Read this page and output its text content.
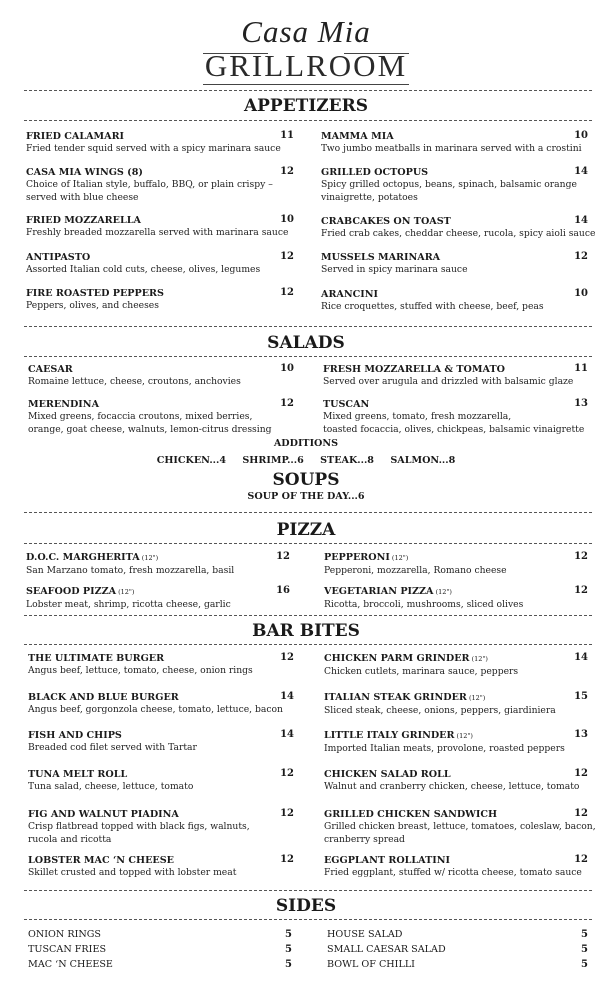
Casa Mia
GRILLROOM
APPETIZERS
FRIED CALAMARI
Fried tender squid served with a spicy marinara sauce
11
CASA MIA WINGS (8)
Choice of Italian style, buffalo, BBQ, or plain crispy –
served with blue cheese
12
FRIED MOZZARELLA
Freshly breaded mozzarella served with marinara sauce
10
ANTIPASTO
Assorted Italian cold cuts, cheese, olives, legumes
12
FIRE ROASTED PEPPERS
Peppers, olives, and cheeses
12
MAMMA MIA
Two jumbo meatballs in marinara served with a crostini
10
GRILLED OCTOPUS
Spicy grilled octopus, beans, spinach, balsamic orange
vinaigrette, potatoes
14
CRABCAKES ON TOAST
Fried crab cakes, cheddar cheese, rucola, spicy aioli sauce
14
MUSSELS MARINARA
Served in spicy marinara sauce
12
ARANCINI
Rice croquettes, stuffed with cheese, beef, peas
10
SALADS
CAESAR
Romaine lettuce, cheese, croutons, anchovies
10
MERENDINA
Mixed greens, focaccia croutons, mixed berries,
orange, goat cheese, walnuts, lemon-citrus dressing
12
FRESH MOZZARELLA & TOMATO
Served over arugula and drizzled with balsamic glaze
11
TUSCAN
Mixed greens, tomato, fresh mozzarella,
toasted focaccia, olives, chickpeas, balsamic vinaigrette
13
ADDITIONS
CHICKEN...4 SHRIMP...6 STEAK...8 SALMON...8
SOUPS
SOUP OF THE DAY...6
PIZZA
D.O.C. MARGHERITA (12")
San Marzano tomato, fresh mozzarella, basil
12
SEAFOOD PIZZA (12")
Lobster meat, shrimp, ricotta cheese, garlic
16
PEPPERONI (12")
Pepperoni, mozzarella, Romano cheese
12
VEGETARIAN PIZZA (12")
Ricotta, broccoli, mushrooms, sliced olives
12
BAR BITES
THE ULTIMATE BURGER
Angus beef, lettuce, tomato, cheese, onion rings
12
BLACK AND BLUE BURGER
Angus beef, gorgonzola cheese, tomato, lettuce, bacon
14
FISH AND CHIPS
Breaded cod filet served with Tartar
14
TUNA MELT ROLL
Tuna salad, cheese, lettuce, tomato
12
FIG AND WALNUT PIADINA
Crisp flatbread topped with black figs, walnuts,
rucola and ricotta
12
LOBSTER MAC ‘N CHEESE
Skillet crusted and topped with lobster meat
12
CHICKEN PARM GRINDER (12")
Chicken cutlets, marinara sauce, peppers
14
ITALIAN STEAK GRINDER (12")
Sliced steak, cheese, onions, peppers, giardiniera
15
LITTLE ITALY GRINDER (12")
Imported Italian meats, provolone, roasted peppers
13
CHICKEN SALAD ROLL
Walnut and cranberry chicken, cheese, lettuce, tomato
12
GRILLED CHICKEN SANDWICH
Grilled chicken breast, lettuce, tomatoes, coleslaw, bacon,
cranberry spread
12
EGGPLANT ROLLATINI
Fried eggplant, stuffed w/ ricotta cheese, tomato sauce
12
SIDES
ONION RINGS	5
TUSCAN FRIES	5
MAC ‘N CHEESE	5
HOUSE SALAD	5
SMALL CAESAR SALAD	5
BOWL OF CHILLI	5
